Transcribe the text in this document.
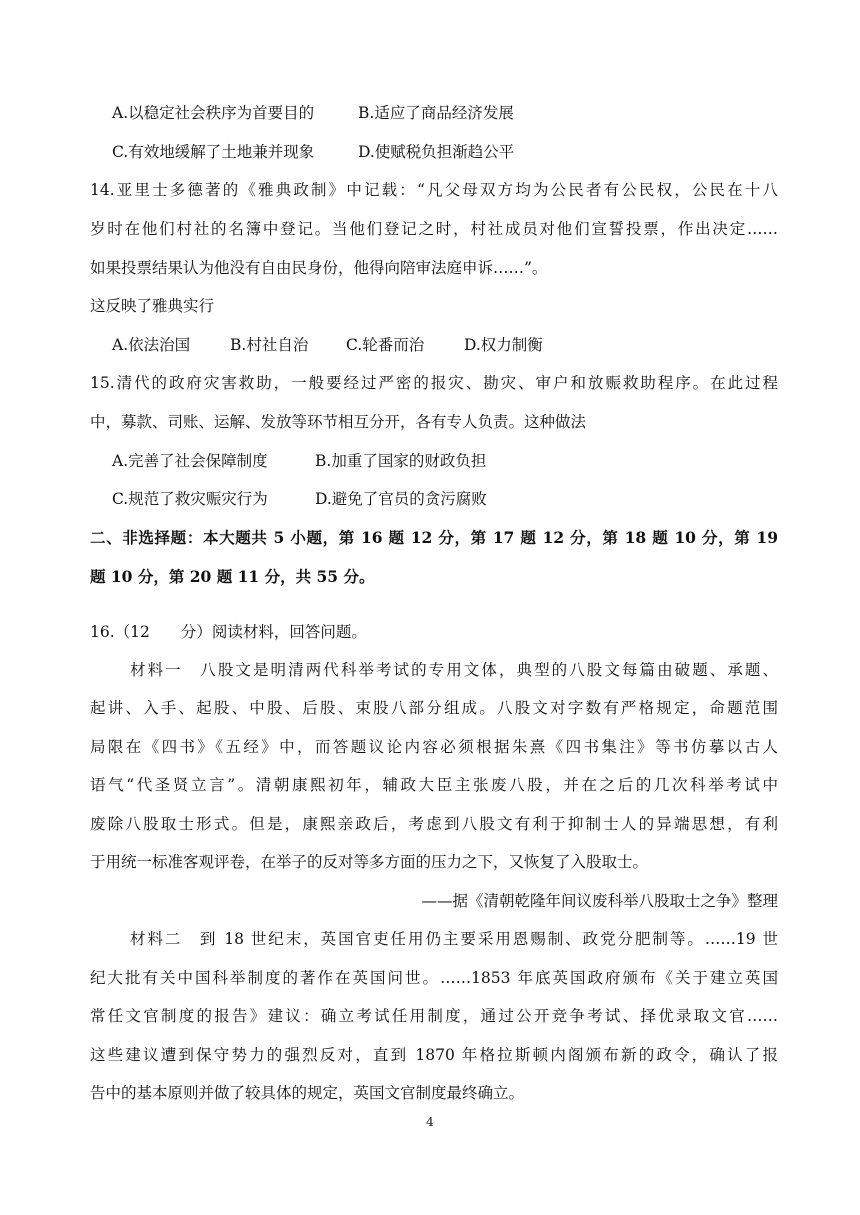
A.以稳定社会秩序为首要目的	B.适应了商品经济发展
C.有效地缓解了土地兼并现象	D.使赋税负担渐趋公平
14.亚里士多德著的《雅典政制》中记载：“凡父母双方均为公民者有公民权，公民在十八
岁时在他们村社的名簿中登记。当他们登记之时，村社成员对他们宣誓投票，作出决定……
如果投票结果认为他没有自由民身份，他得向陪审法庭申诉……”。
这反映了雅典实行
A.依法治国	B.村社自治 C.轮番而治	D.权力制衡
15.清代的政府灾害救助，一般要经过严密的报灾、勘灾、审户和放赈救助程序。在此过程
中，募款、司账、运解、发放等环节相互分开，各有专人负责。这种做法
A.完善了社会保障制度	B.加重了国家的财政负担
C.规范了救灾赈灾行为	D.避免了官员的贪污腐败
二、非选择题：本大题共 5 小题，第 16 题 12 分，第 17 题 12 分，第 18 题 10 分，第 19
题 10 分，第 20 题 11 分，共 55 分。
16.（12　　分）阅读材料，回答问题。
材料一　八股文是明清两代科举考试的专用文体，典型的八股文每篇由破题、承题、
起讲、入手、起股、中股、后股、束股八部分组成。八股文对字数有严格规定，命题范围
局限在《四书》《五经》中，而答题议论内容必须根据朱熹《四书集注》等书仿摹以古人
语气“代圣贤立言”。清朝康熙初年，辅政大臣主张废八股，并在之后的几次科举考试中
废除八股取士形式。但是，康熙亲政后，考虑到八股文有利于抑制士人的异端思想，有利
于用统一标准客观评卷，在举子的反对等多方面的压力之下，又恢复了入股取士。
——据《清朝乾隆年间议废科举八股取士之争》整理
材料二　到 18 世纪末，英国官吏任用仍主要采用恩赐制、政党分肥制等。……19 世
纪大批有关中国科举制度的著作在英国问世。……1853 年底英国政府颁布《关于建立英国
常任文官制度的报告》建议：确立考试任用制度，通过公开竞争考试、择优录取文官……
这些建议遭到保守势力的强烈反对，直到 1870 年格拉斯顿内阁颁布新的政令，确认了报
告中的基本原则并做了较具体的规定，英国文官制度最终确立。
4
